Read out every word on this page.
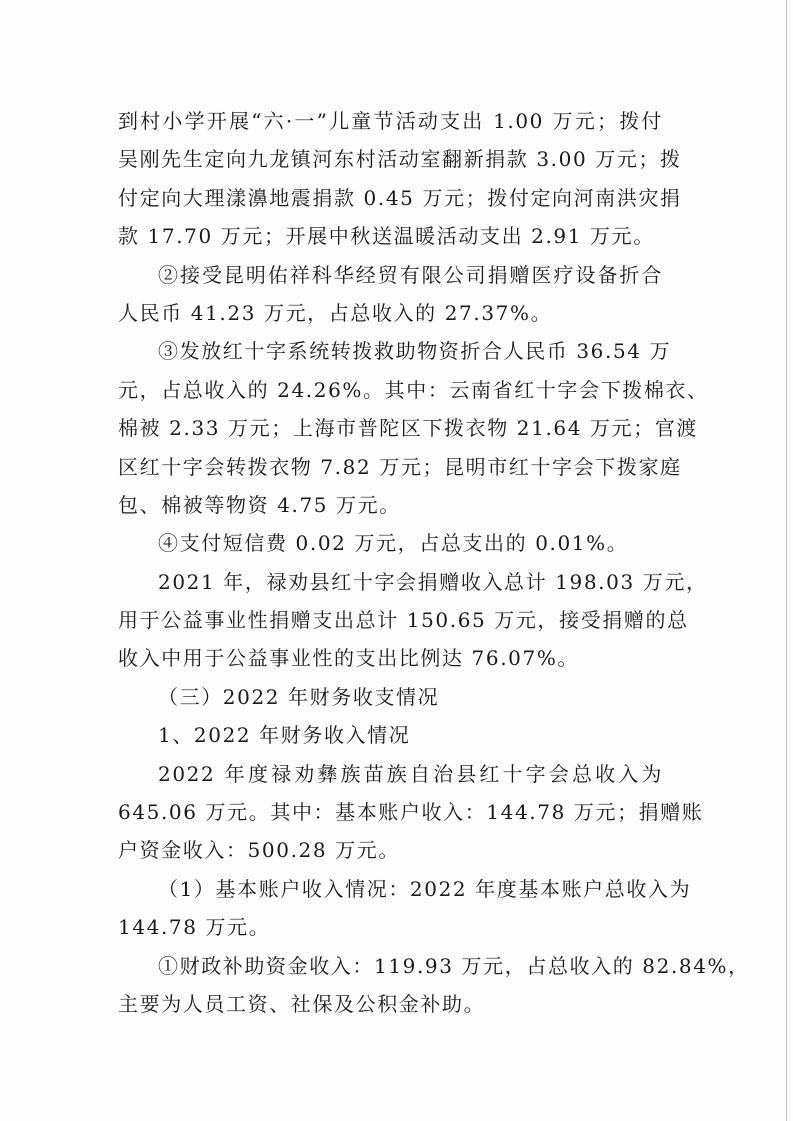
到村小学开展“六·一”儿童节活动支出 1.00 万元；拨付
吴刚先生定向九龙镇河东村活动室翻新捐款 3.00 万元；拨
付定向大理漾濞地震捐款 0.45 万元；拨付定向河南洪灾捐
款 17.70 万元；开展中秋送温暖活动支出 2.91 万元。
②接受昆明佑祥科华经贸有限公司捐赠医疗设备折合
人民币 41.23 万元，占总收入的 27.37%。
③发放红十字系统转拨救助物资折合人民币 36.54 万
元，占总收入的 24.26%。其中：云南省红十字会下拨棉衣、
棉被 2.33 万元；上海市普陀区下拨衣物 21.64 万元；官渡
区红十字会转拨衣物 7.82 万元；昆明市红十字会下拨家庭
包、棉被等物资 4.75 万元。
④支付短信费 0.02 万元，占总支出的 0.01%。
2021 年，禄劝县红十字会捐赠收入总计 198.03 万元，
用于公益事业性捐赠支出总计 150.65 万元，接受捐赠的总
收入中用于公益事业性的支出比例达 76.07%。
（三）2022 年财务收支情况
1、2022 年财务收入情况
2022 年度禄劝彝族苗族自治县红十字会总收入为
645.06 万元。其中：基本账户收入：144.78 万元；捐赠账
户资金收入：500.28 万元。
（1）基本账户收入情况：2022 年度基本账户总收入为
144.78 万元。
①财政补助资金收入：119.93 万元，占总收入的 82.84%，
主要为人员工资、社保及公积金补助。
